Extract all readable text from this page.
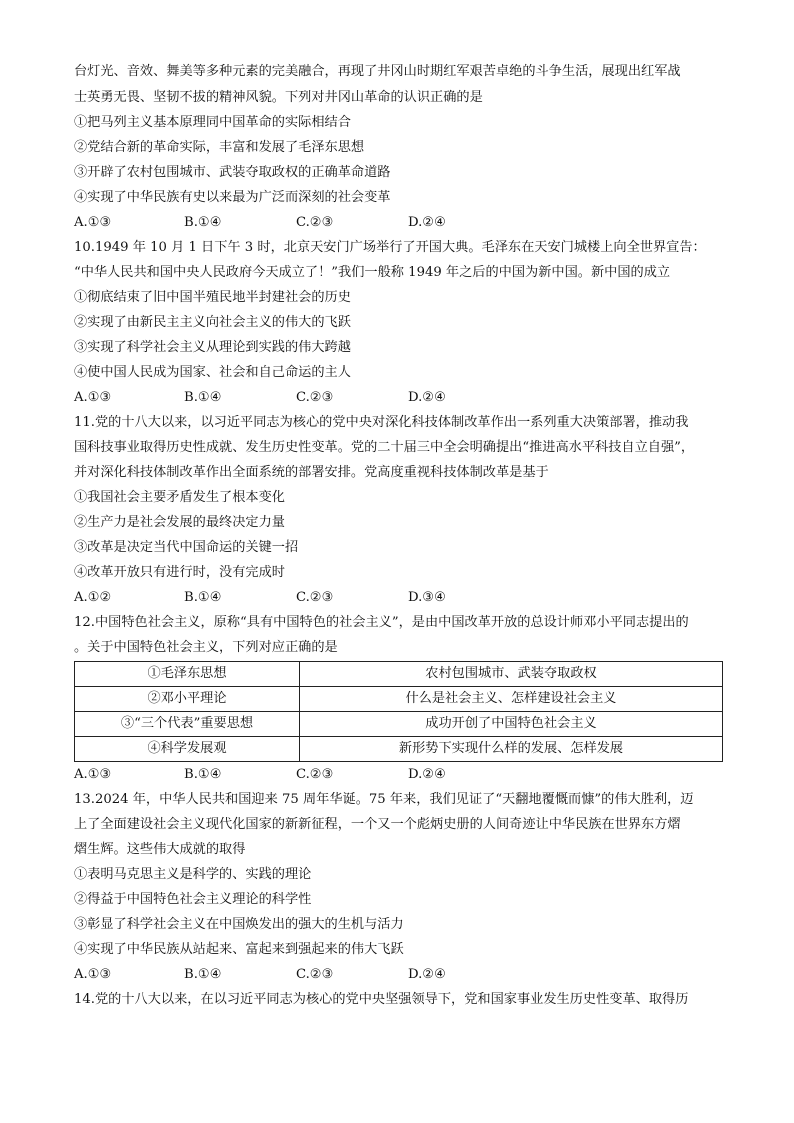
台灯光、音效、舞美等多种元素的完美融合，再现了井冈山时期红军艰苦卓绝的斗争生活，展现出红军战
士英勇无畏、坚韧不拔的精神风貌。下列对井冈山革命的认识正确的是
①把马列主义基本原理同中国革命的实际相结合
②党结合新的革命实际，丰富和发展了毛泽东思想
③开辟了农村包围城市、武装夺取政权的正确革命道路
④实现了中华民族有史以来最为广泛而深刻的社会变革
A.①③	B.①④	C.②③	D.②④
10.1949 年 10 月 1 日下午 3 时，北京天安门广场举行了开国大典。毛泽东在天安门城楼上向全世界宣告：
“中华人民共和国中央人民政府今天成立了！”我们一般称 1949 年之后的中国为新中国。新中国的成立
①彻底结束了旧中国半殖民地半封建社会的历史
②实现了由新民主主义向社会主义的伟大的飞跃
③实现了科学社会主义从理论到实践的伟大跨越
④使中国人民成为国家、社会和自己命运的主人
A.①③	B.①④	C.②③	D.②④
11.党的十八大以来，以习近平同志为核心的党中央对深化科技体制改革作出一系列重大决策部署，推动我
国科技事业取得历史性成就、发生历史性变革。党的二十届三中全会明确提出“推进高水平科技自立自强”，
并对深化科技体制改革作出全面系统的部署安排。党高度重视科技体制改革是基于
①我国社会主要矛盾发生了根本变化
②生产力是社会发展的最终决定力量
③改革是决定当代中国命运的关键一招
④改革开放只有进行时，没有完成时
A.①②	B.①④	C.②③	D.③④
12.中国特色社会主义，原称“具有中国特色的社会主义”，是由中国改革开放的总设计师邓小平同志提出的
。关于中国特色社会主义，下列对应正确的是
①毛泽东思想	农村包围城市、武装夺取政权
②邓小平理论	什么是社会主义、怎样建设社会主义
③“三个代表”重要思想	成功开创了中国特色社会主义
④科学发展观	新形势下实现什么样的发展、怎样发展
A.①③	B.①④	C.②③	D.②④
13.2024 年，中华人民共和国迎来 75 周年华诞。75 年来，我们见证了“天翻地覆慨而慷”的伟大胜利，迈
上了全面建设社会主义现代化国家的新新征程，一个又一个彪炳史册的人间奇迹让中华民族在世界东方熠
熠生辉。这些伟大成就的取得
①表明马克思主义是科学的、实践的理论
②得益于中国特色社会主义理论的科学性
③彰显了科学社会主义在中国焕发出的强大的生机与活力
④实现了中华民族从站起来、富起来到强起来的伟大飞跃
A.①③	B.①④	C.②③	D.②④
14.党的十八大以来，在以习近平同志为核心的党中央坚强领导下，党和国家事业发生历史性变革、取得历
